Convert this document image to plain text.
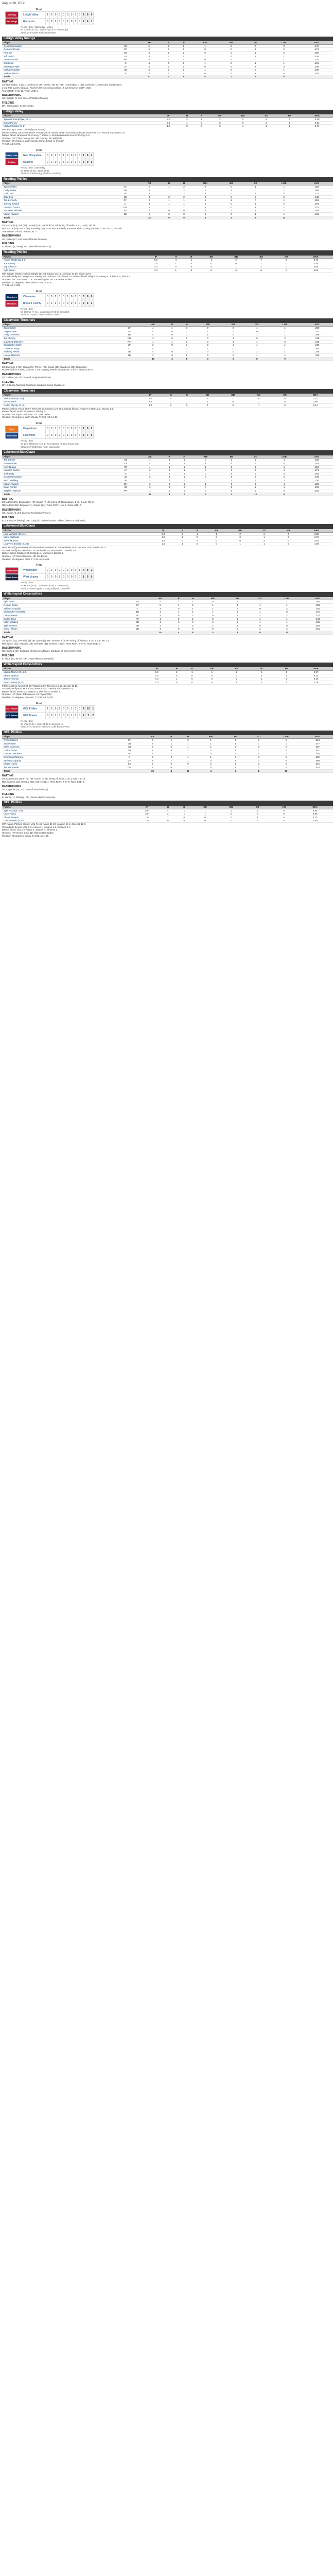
August 28, 2012
Final
IronPigs	Lehigh Valley	1	0	0	0	0	0	3	0	0	4	9	0

Red Wings	Rochester	0	0	0	0	0	2	0	0	0	2	4	1
Recap | Box | Gameday | Video
W: Cloyd (10-1) L: Walters (6-3) S: Aumont (2)
Stadium: Frontier Field, Rochester
Lehigh Valley Innings
Player		AB	R	H	RBI	BB	SO	LOB	AVG
Cesar Hernandez	2B	5	1	2	1	0	0	0	.247
Domonic Brown	CF	5	0	1	0	0	1	2	.271
Pete Orr	SS	4	1	2	0	1	1	0	.265
Jeff Larish	1B	4	0	1	1	0	1	1	.226
Steve Susdorf	RF	4	1	1	0	0	0	1	.274
Erik Kratz	C	4	0	1	1	0	1	1	.281
Sebastian Valle	LF	4	0	0	0	0	2	3	.239
Michael Spidale	3B	4	0	1	1	0	0	1	.198
Andres Blanco	P	3	1	0	0	0	1	0	.226
Totals		37	4	9	4	1	7	9	
BATTING
2B: Hernandez, C (22), Larish (12). HR: Orr (5). TB: 13. RBI: Hernandez, C (41), Larish (47), Kratz (30), Spidale (14).
2-out RBI: Larish, Spidale. Runners left in scoring position, 2 out: Brown 2. GIDP: Valle.
Team RISP: 3-for-10. Team LOB: 9.
BASERUNNING
SB: Spidale (3, 2nd base off Walters/Towles).
FIELDING
DP: (Hernandez, C-Orr-Larish).
Lehigh Valley
Pitcher	IP	H	R	ER	BB	SO	HR	ERA
Tyson Brummett (W, 10-1)	6.0	3	2	2	2	5	0	3.18
David Purcey	2.0	1	0	0	0	3	0	4.61
Michael Stutes (S, 2)	1.0	0	0	0	1	1	0	2.74
WP: Purcey 2. HBP: Larish (by Brummett).
Pitches-strikes: Brummett 98-62, Purcey 29-20, Stutes 18-11. Groundouts-flyouts: Brummett 7-4, Purcey 1-1, Stutes 1-0.
Batters faced: Brummett 24, Purcey 7, Stutes 4. Inherited runners-scored: Purcey 1-0.
Umpires: HP: Chris Conroy. 1B: Jeff Gosney. 3B: Will Little.
Weather: 79 degrees, partly cloudy. Wind: 8 mph, In from LF.
T: 2:47. Att: 8,971.
Final
Fisher Cats	New Hampshire	0	0	0	0	1	0	0	0	0	1	6	1

Phillies	Reading	0	2	0	0	3	0	0	1	x	6	9	0
Recap | Box | Gameday
W: Hyatt (6-3) L: Nolin (2-1)
Stadium: FirstEnergy Stadium, Reading
Reading Phillies
Player		AB	R	H	RBI	BB	SO	LOB	AVG
Tyson Gillies	CF	5	1	2	0	0	1	1	.263
Cody Asche	3B	4	1	2	1	1	0	1	.295
Darin Ruf	LF	4	1	2	3	0	1	0	.317
Jake Fox	1B	4	0	0	0	0	2	3	.248
Tim Kennelly	RF	3	1	1	1	1	0	1	.262
Tommy Joseph	C	4	1	1	0	0	1	2	.254
Leandro Castro	DH	4	1	1	0	0	1	1	.272
Jermaine Mitchell	SS	3	0	0	0	1	1	2	.248
Miguel Alvarez	2B	3	0	0	0	0	1	1	.211
Totals		34	6	9	5	3	8	12	
BATTING
2B: Asche (13), Ruf (27), Joseph (20). HR: Ruf (32, 5th inning off Nolin, 2 on, 1 out). TB: 15.
RBI: Asche (35), Ruf 3 (95), Kennelly (31). 2-out RBI: Kennelly. Runners left in scoring position, 2 out: Fox 2, Mitchell.
Team RISP: 2-for-9. Team LOB: 7.
BASERUNNING
SB: Gillies (12, 2nd base off Nolin/Jimenez).
FIELDING
E: Alvarez (6, throw). DP: (Mitchell-Alvarez-Fox).
Reading Phillies
Pitcher	IP	H	R	ER	BB	SO	HR	ERA
Austin Wright (W, 6-3)	6.0	4	1	1	2	7	0	3.74
Joe Savery	1.0	1	0	0	0	1	0	2.40
Jay Johnson	1.0	0	0	0	1	2	0	3.08
Kyle Simon	1.0	1	0	0	0	0	0	4.51
WP: Wright. Pitches-strikes: Wright 101-63, Savery 15-10, Johnson 17-10, Simon 12-8.
Groundouts-flyouts: Wright 6-4, Savery 1-1, Johnson 0-1, Simon 2-1. Batters faced: Wright 25, Savery 4, Johnson 4, Simon 4.
Umpires: HP: Tom Honec. 1B: Joe Harrington. 3B: Lance Barksdale.
Weather: 81 degrees, clear. Wind: 6 mph, L to R.
T: 2:31. Att: 7,209.
Final
Threshers	Clearwater	0	0	2	0	0	1	0	0	0	3	8	0

Manatees	Brevard County	0	1	0	0	0	0	0	1	0	2	6	1
Recap | Box
W: Garner (7-4) L: Jungmann (9-8) S: Cloyd (3)
Stadium: Space Coast Stadium, Viera
Clearwater Threshers
Player		AB	R	H	RBI	BB	SO	LOB	AVG
Zach Collier	CF	4	1	1	0	0	1	1	.259
Edgar Duran	SS	4	0	1	1	0	0	1	.233
Cody Overbeck	1B	4	0	1	1	0	1	1	.255
Jim Murphy	DH	3	0	0	0	1	0	2	.228
Gauntlett Eldemire	RF	4	1	2	0	0	1	0	.249
Christopher Duffy	LF	3	0	1	0	1	1	1	.260
Cameron Rupp	C	4	1	1	1	0	1	1	.264
Anthony Hewitt	3B	4	0	1	0	0	2	1	.245
Harold Martinez	2B	3	0	0	0	0	1	1	.236
Totals		33	3	8	3	2	8	9	
BATTING
2B: Eldemire 2 (17), Rupp (15). TB: 11. RBI: Duran (41), Overbeck (38), Rupp (36).
Runners left in scoring position, 2 out: Murphy, Hewitt. Team RISP: 2-for-7. Team LOB: 6.
BASERUNNING
SB: Collier (19, 2nd base off Jungmann/Garcia).
FIELDING
DP: 2 (Duran-Martinez-Overbeck, Martinez-Duran-Overbeck).
Clearwater Threshers
Pitcher	IP	H	R	ER	BB	SO	HR	ERA
Seth Rosin (W, 7-4)	6.0	4	1	1	1	6	0	3.21
Hector Neris	2.0	2	1	1	0	2	0	2.89
Colton Murray (S, 3)	1.0	0	0	0	0	1	0	2.14
Pitches-strikes: Rosin 88-57, Neris 30-19, Murray 11-8. Groundouts-flyouts: Rosin 8-3, Neris 2-2, Murray 1-1.
Batters faced: Rosin 23, Neris 8, Murray 3.
Umpires: HP: Ryan Goodman. 1B: Tyler Olson.
Weather: 86 degrees, partly cloudy. T: 2:26. Att: 1,148.
Final
Suns	Hagerstown	0	0	1	0	0	0	0	0	0	1	5	2

BlueClaws	Lakewood	0	0	0	2	0	1	0	0	x	3	7	0
Recap | Box
W: Lino Martinez (6-4) L: Rosenbaum (8-6) S: Tovar (20)
Stadium: FirstEnergy Park, Lakewood
Lakewood BlueClaws
Player		AB	R	H	RBI	BB	SO	LOB	AVG
Tim Carver	SS	4	0	1	0	0	1	1	.238
Aaron Altherr	CF	4	1	2	1	0	1	0	.252
Kelly Dugan	RF	4	1	1	1	0	1	1	.304
Leandro Castro	LF	3	0	1	0	1	0	1	.271
Josh Ludy	C	4	0	0	0	0	2	2	.262
Cesar Hernandez	1B	3	1	1	0	0	0	0	.249
Mitch Walding	3B	3	0	0	0	1	1	1	.230
Miguel Alvarez	DH	3	0	1	1	0	1	1	.223
Brian Pointer	2B	3	0	0	0	0	2	1	.209
Stephen Malcom	PH	1	0	0	0	0	1	0	.182
Totals		32	3	7	3	2	10	8	
BATTING
2B: Altherr (29), Dugan (22). HR: Dugan (7, 4th inning off Rosenbaum, 1 on, 0 out). TB: 11.
RBI: Altherr (55), Dugan (47), Alvarez (24). Team RISP: 1-for-6. Team LOB: 7.
BASERUNNING
CS: Castro (4, 2nd base by Rosenbaum/Perez).
FIELDING
E: Carver (19, fielding). PB: Ludy (9). Outfield assists: Altherr (Perez at 2nd base).
Lakewood BlueClaws
Pitcher	IP	H	R	ER	BB	SO	HR	ERA
Lino Martinez (W, 6-4)	6.0	3	1	1	2	6	0	3.02
Mario Hollands	1.0	1	0	0	0	1	0	3.76
Kevin Munson	1.0	0	0	0	0	2	0	2.51
Lisalverto Bonilla (S, 20)	1.0	1	0	0	1	1	0	1.98
HBP: Hood (by Martinez). Pitches-strikes: Martinez 91-58, Hollands 14-9, Munson 12-9, Bonilla 19-11.
Groundouts-flyouts: Martinez 7-5, Hollands 1-1, Munson 0-1, Bonilla 1-1.
Batters faced: Martinez 23, Hollands 4, Munson 3, Bonilla 5.
Umpires: HP: Erich Bacchus. 1B: Jon Byrne.
Weather: 78 degrees, clear. T: 2:19. Att: 6,403.
Final
Crosscutters	Williamsport	0	1	0	0	0	2	0	0	1	4	8	1

Black Bears	West Virginia	0	0	0	1	0	0	0	0	0	1	5	0
Recap | Box
W: Morris (4-3) L: Guerrero (2-5) S: Geelan (5)
Stadium: Monongalia County Ballpark, Granville
Williamsport Crosscutters
Player		AB	R	H	RBI	BB	SO	LOB	AVG
Kyle Hope	SS	4	1	1	0	1	1	1	.266
Roman Quinn	CF	5	1	2	1	0	1	1	.281
Willians Astudillo	C	4	0	1	1	0	0	2	.318
Christopher Serritella	1B	4	1	2	1	0	1	0	.270
Larry Greene	LF	3	0	0	0	1	2	2	.227
Carlos Tocci	RF	4	0	1	0	0	1	1	.244
Mitch Walding	3B	4	0	0	0	0	1	1	.236
Tyler Greene	DH	3	1	1	1	1	0	0	.259
Drew Hillman	2B	4	0	0	0	0	2	2	.221
Totals		35	4	8	4	3	9	10	
BATTING
2B: Quinn (11), Serritella (9). 3B: Quinn (5). HR: Greene, T (3, 9th inning off Alvarez, 0 on, 1 out). TB: 14.
RBI: Quinn (23), Astudillo (29), Serritella (31), Greene, T (15). Team RISP: 2-for-8. Team LOB: 8.
BASERUNNING
SB: Quinn 2 (27, 2nd base off Guerrero/Reyes, 3rd base off Guerrero/Reyes).
FIELDING
E: Hope (14, throw). DP: (Hope-Hillman-Serritella).
Williamsport Crosscutters
Pitcher	IP	H	R	ER	BB	SO	HR	ERA
Mason Morris (W, 4-3)	6.0	4	1	1	2	5	0	2.97
Shane Watson	1.0	0	0	0	0	2	0	3.12
Jesen Therrien	1.0	1	0	0	0	1	0	2.45
Ryan Geelan (S, 5)	1.0	0	0	0	1	2	0	1.76
Pitches-strikes: Morris 90-57, Watson 13-9, Therrien 15-10, Geelan 18-11.
Groundouts-flyouts: Morris 6-5, Watson 1-0, Therrien 1-1, Geelan 0-1.
Batters faced: Morris 23, Watson 3, Therrien 4, Geelan 4.
Umpires: HP: Brian deBrauwere. 1B: Ryan Wills.
Weather: 74 degrees, overcast. T: 2:38. Att: 2,876.
Final
GCL Phillies	GCL Phillies	1	0	0	2	0	0	1	0	0	4	10	1

GCL Braves	GCL Braves	0	0	1	0	0	0	1	0	0	2	7	2
Recap | Box
W: Viza (3-2) L: Sims (1-4) S: Jimenez (6)
Stadium: Champion Stadium, Lake Buena Vista
GCL Phillies
Player		AB	R	H	RBI	BB	SO	LOB	AVG
Dylan Cozens	RF	4	1	2	1	0	1	1	.264
Zach Green	3B	4	1	1	1	0	1	1	.277
Willie Carmona	1B	4	0	1	1	0	0	2	.287
Carlos Duran	2B	4	0	2	0	0	1	1	.241
Gustavo Martinez	LF	4	1	1	0	0	0	1	.255
Emmanuel Marrero	C	3	0	1	1	1	1	1	.232
Zachary Coppola	CF	4	1	1	0	0	1	0	.298
Chase Harris	SS	4	0	0	0	0	2	2	.219
Jan Hernandez	DH	4	0	1	0	0	1	1	.243
Totals		35	4	10	4	1	8	10	
BATTING
2B: Cozens (8), Duran (6). HR: Green (3, 4th inning off Sims, 1 on, 2 out). TB: 15.
RBI: Cozens (22), Green 2 (26), Marrero (14). Team RISP: 2-for-9. Team LOB: 9.
BASERUNNING
SB: Coppola (18, 2nd base off Sims/Salazar).
FIELDING
E: Harris (11, fielding). DP: (Duran-Harris-Carmona).
GCL Phillies
Pitcher	IP	H	R	ER	BB	SO	HR	ERA
Tyler Viza (W, 3-2)	5.0	4	1	1	1	5	0	2.84
Victor Arano	2.0	2	1	1	0	3	0	3.36
Ulises Joaquin	1.0	1	0	0	0	1	0	2.70
Luis Jimenez (S, 6)	1.0	0	0	0	0	2	0	1.59
WP: Arano. Pitches-strikes: Viza 74-48, Arano 31-20, Joaquin 14-9, Jimenez 12-9.
Groundouts-flyouts: Viza 6-3, Arano 2-1, Joaquin 1-1, Jimenez 0-1.
Batters faced: Viza 19, Arano 9, Joaquin 4, Jimenez 3.
Umpires: HP: Nestor Ceja. 1B: Ramon Hernandez.
Weather: 88 degrees, sunny. T: 2:21. Att: 104.
